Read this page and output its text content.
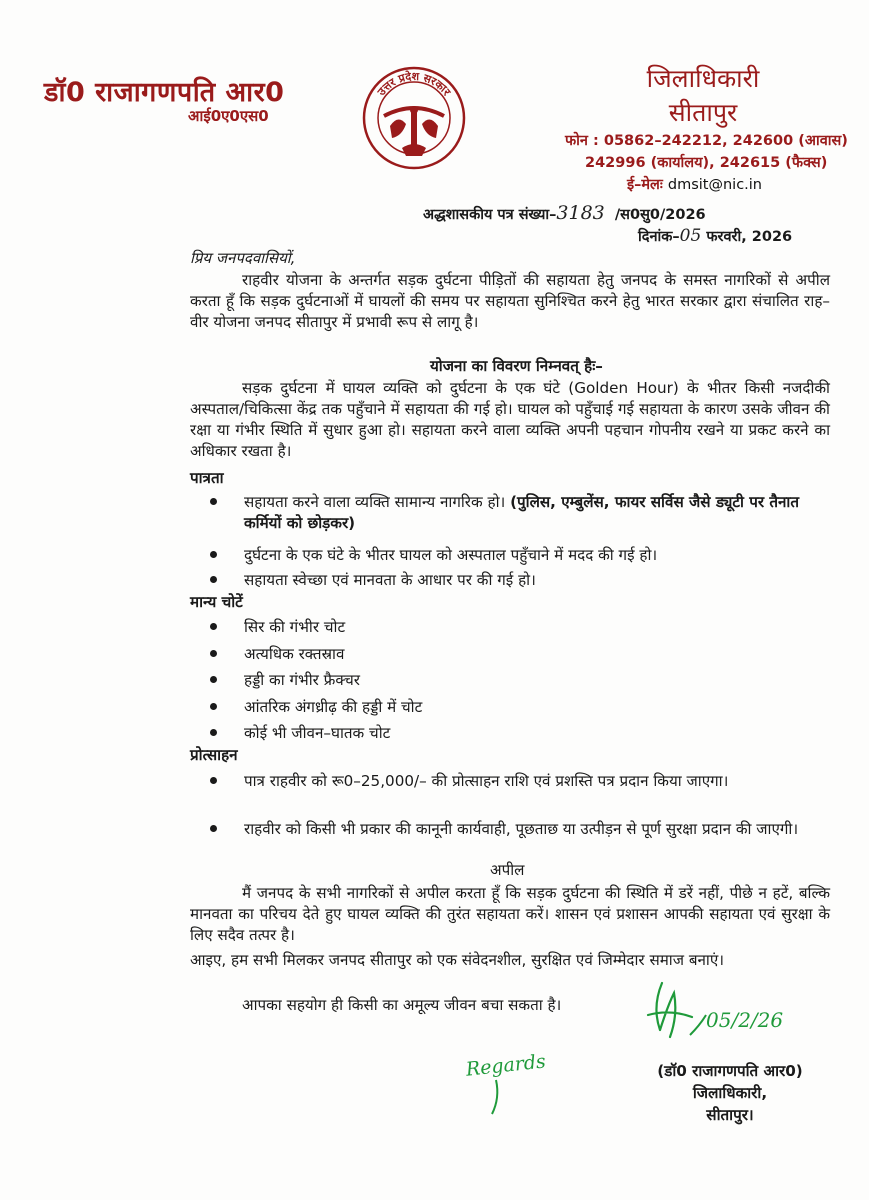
डॉ0 राजागणपति आर0
आई0ए0एस0
उत्तर प्रदेश सरकार	जिलाधिकारी
सीतापुर
फोन : 05862–242212, 242600 (आवास)
242996 (कार्यालय), 242615 (फैक्स)
ई–मेलः dmsit@nic.in
अद्धशासकीय पत्र संख्या–3183 /स0सु0/2026
दिनांक–05 फरवरी, 2026
प्रिय जनपदवासियों,
राहवीर योजना के अन्तर्गत सड़क दुर्घटना पीड़ितों की सहायता हेतु जनपद के समस्त नागरिकों से अपील करता हूँ कि सड़क दुर्घटनाओं में घायलों की समय पर सहायता सुनिश्चित करने हेतु भारत सरकार द्वारा संचालित राह–वीर योजना जनपद सीतापुर में प्रभावी रूप से लागू है।
योजना का विवरण निम्नवत् हैः–
सड़क दुर्घटना में घायल व्यक्ति को दुर्घटना के एक घंटे (Golden Hour) के भीतर किसी नजदीकी अस्पताल/चिकित्सा केंद्र तक पहुँचाने में सहायता की गई हो। घायल को पहुँचाई गई सहायता के कारण उसके जीवन की रक्षा या गंभीर स्थिति में सुधार हुआ हो। सहायता करने वाला व्यक्ति अपनी पहचान गोपनीय रखने या प्रकट करने का अधिकार रखता है।
पात्रता
सहायता करने वाला व्यक्ति सामान्य नागरिक हो। (पुलिस, एम्बुलेंस, फायर सर्विस जैसे ड्यूटी पर तैनात कर्मियों को छोड़कर)
दुर्घटना के एक घंटे के भीतर घायल को अस्पताल पहुँचाने में मदद की गई हो।
सहायता स्वेच्छा एवं मानवता के आधार पर की गई हो।
मान्य चोटें
सिर की गंभीर चोट
अत्यधिक रक्तस्राव
हड्डी का गंभीर फ्रैक्चर
आंतरिक अंगध्रीढ़ की हड्डी में चोट
कोई भी जीवन–घातक चोट
प्रोत्साहन
पात्र राहवीर को रू0–25,000/– की प्रोत्साहन राशि एवं प्रशस्ति पत्र प्रदान किया जाएगा।
राहवीर को किसी भी प्रकार की कानूनी कार्यवाही, पूछताछ या उत्पीड़न से पूर्ण सुरक्षा प्रदान की जाएगी।
अपील
मैं जनपद के सभी नागरिकों से अपील करता हूँ कि सड़क दुर्घटना की स्थिति में डरें नहीं, पीछे न हटें, बल्कि मानवता का परिचय देते हुए घायल व्यक्ति की तुरंत सहायता करें। शासन एवं प्रशासन आपकी सहायता एवं सुरक्षा के लिए सदैव तत्पर है।
आइए, हम सभी मिलकर जनपद सीतापुर को एक संवेदनशील, सुरक्षित एवं जिम्मेदार समाज बनाएं।
आपका सहयोग ही किसी का अमूल्य जीवन बचा सकता है।
05/2/26
Regards	(डॉ0 राजागणपति आर0)
जिलाधिकारी,
सीतापुर।
